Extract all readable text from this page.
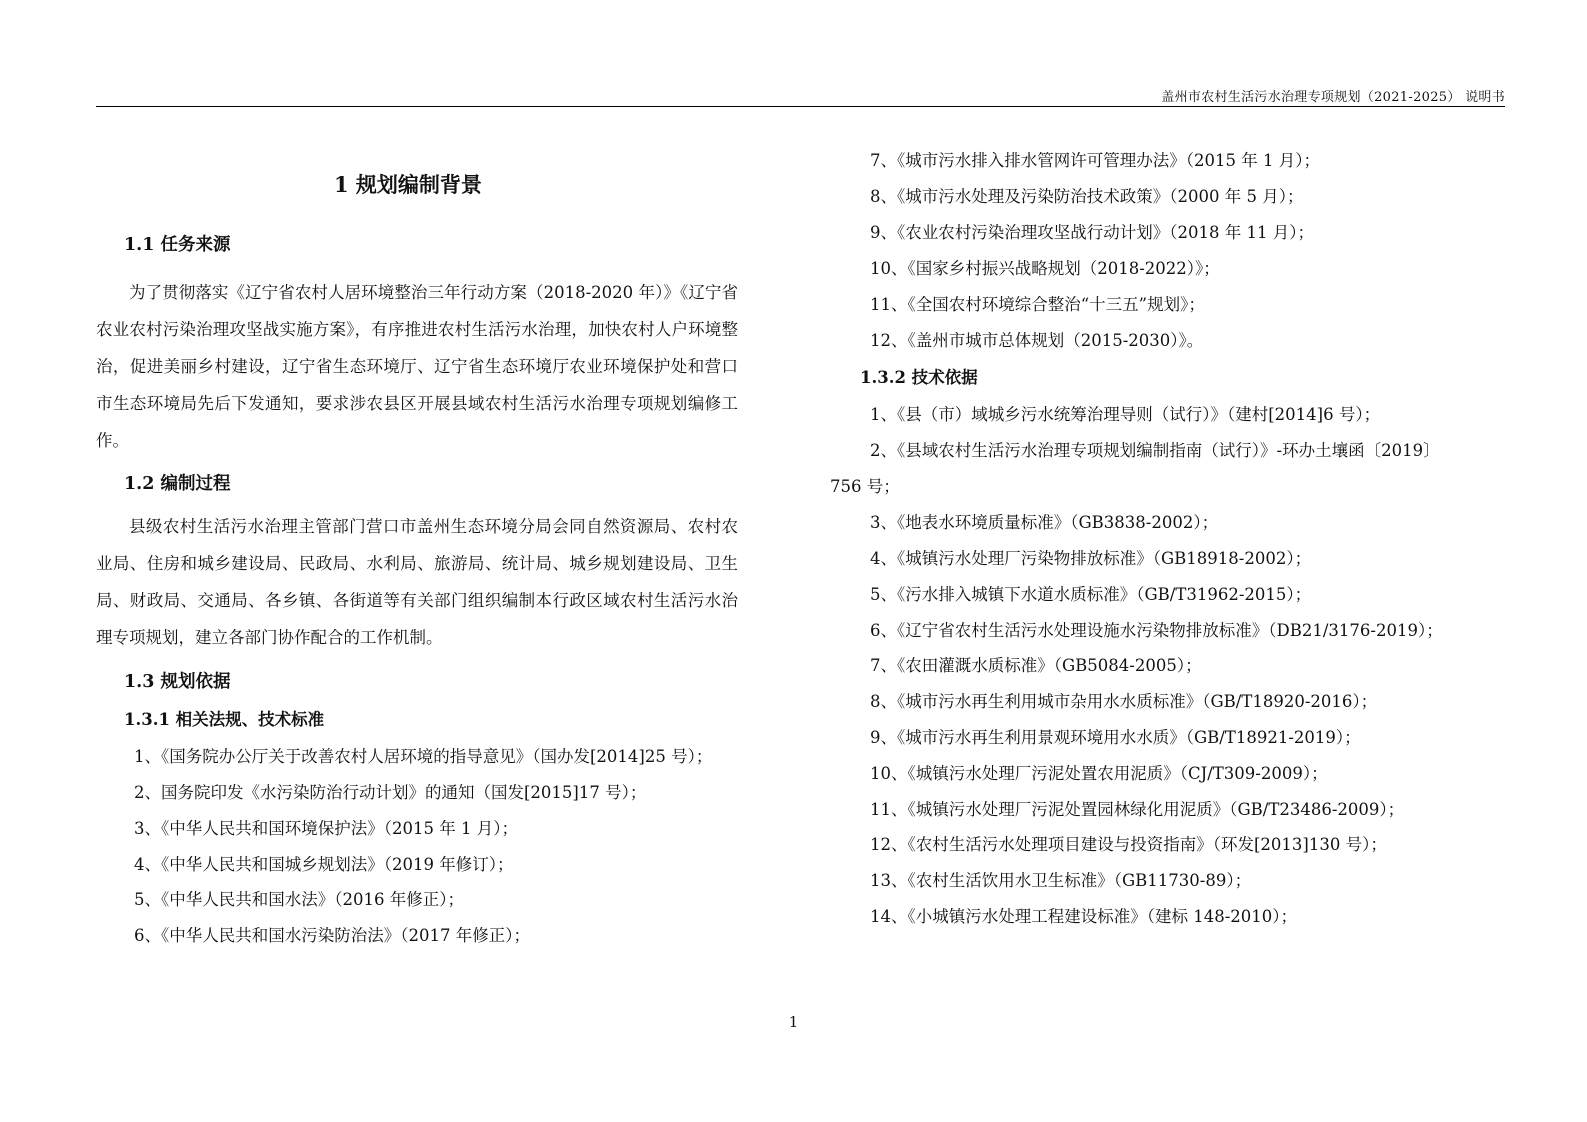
盖州市农村生活污水治理专项规划（2021-2025） 说明书
1 规划编制背景
1.1 任务来源
为了贯彻落实《辽宁省农村人居环境整治三年行动方案（2018-2020 年）》《辽宁省农业农村污染治理攻坚战实施方案》，有序推进农村生活污水治理，加快农村人户环境整治，促进美丽乡村建设，辽宁省生态环境厅、辽宁省生态环境厅农业环境保护处和营口市生态环境局先后下发通知，要求涉农县区开展县域农村生活污水治理专项规划编修工作。
1.2 编制过程
县级农村生活污水治理主管部门营口市盖州生态环境分局会同自然资源局、农村农业局、住房和城乡建设局、民政局、水利局、旅游局、统计局、城乡规划建设局、卫生局、财政局、交通局、各乡镇、各街道等有关部门组织编制本行政区域农村生活污水治理专项规划，建立各部门协作配合的工作机制。
1.3 规划依据
1.3.1 相关法规、技术标准
1、《国务院办公厅关于改善农村人居环境的指导意见》（国办发[2014]25 号）；
2、国务院印发《水污染防治行动计划》的通知（国发[2015]17 号）；
3、《中华人民共和国环境保护法》（2015 年 1 月）；
4、《中华人民共和国城乡规划法》（2019 年修订）；
5、《中华人民共和国水法》（2016 年修正）；
6、《中华人民共和国水污染防治法》（2017 年修正）；
7、《城市污水排入排水管网许可管理办法》（2015 年 1 月）；
8、《城市污水处理及污染防治技术政策》（2000 年 5 月）；
9、《农业农村污染治理攻坚战行动计划》（2018 年 11 月）；
10、《国家乡村振兴战略规划（2018-2022）》；
11、《全国农村环境综合整治“十三五”规划》；
12、《盖州市城市总体规划（2015-2030）》。
1.3.2 技术依据
1、《县（市）域城乡污水统筹治理导则（试行）》（建村[2014]6 号）；
2、《县域农村生活污水治理专项规划编制指南（试行）》-环办土壤函〔2019〕
756 号；
3、《地表水环境质量标准》（GB3838-2002）；
4、《城镇污水处理厂污染物排放标准》（GB18918-2002）；
5、《污水排入城镇下水道水质标准》（GB/T31962-2015）；
6、《辽宁省农村生活污水处理设施水污染物排放标准》（DB21/3176-2019）；
7、《农田灌溉水质标准》（GB5084-2005）；
8、《城市污水再生利用城市杂用水水质标准》（GB/T18920-2016）；
9、《城市污水再生利用景观环境用水水质》（GB/T18921-2019）；
10、《城镇污水处理厂污泥处置农用泥质》（CJ/T309-2009）；
11、《城镇污水处理厂污泥处置园林绿化用泥质》（GB/T23486-2009）；
12、《农村生活污水处理项目建设与投资指南》（环发[2013]130 号）；
13、《农村生活饮用水卫生标准》（GB11730-89）；
14、《小城镇污水处理工程建设标准》（建标 148-2010）；
1
